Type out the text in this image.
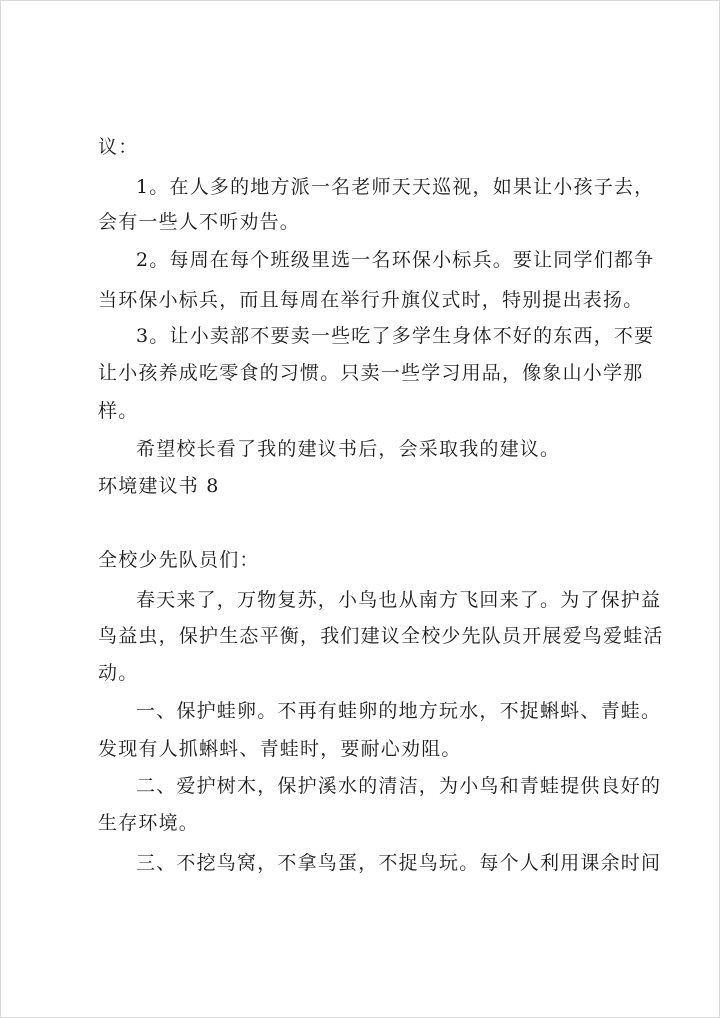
议：
1。在人多的地方派一名老师天天巡视，如果让小孩子去，
会有一些人不听劝告。
2。每周在每个班级里选一名环保小标兵。要让同学们都争
当环保小标兵，而且每周在举行升旗仪式时，特别提出表扬。
3。让小卖部不要卖一些吃了多学生身体不好的东西，不要
让小孩养成吃零食的习惯。只卖一些学习用品，像象山小学那
样。
希望校长看了我的建议书后，会采取我的建议。
环境建议书 8
全校少先队员们：
春天来了，万物复苏，小鸟也从南方飞回来了。为了保护益
鸟益虫，保护生态平衡，我们建议全校少先队员开展爱鸟爱蛙活
动。
一、保护蛙卵。不再有蛙卵的地方玩水，不捉蝌蚪、青蛙。
发现有人抓蝌蚪、青蛙时，要耐心劝阻。
二、爱护树木，保护溪水的清洁，为小鸟和青蛙提供良好的
生存环境。
三、不挖鸟窝，不拿鸟蛋，不捉鸟玩。每个人利用课余时间
